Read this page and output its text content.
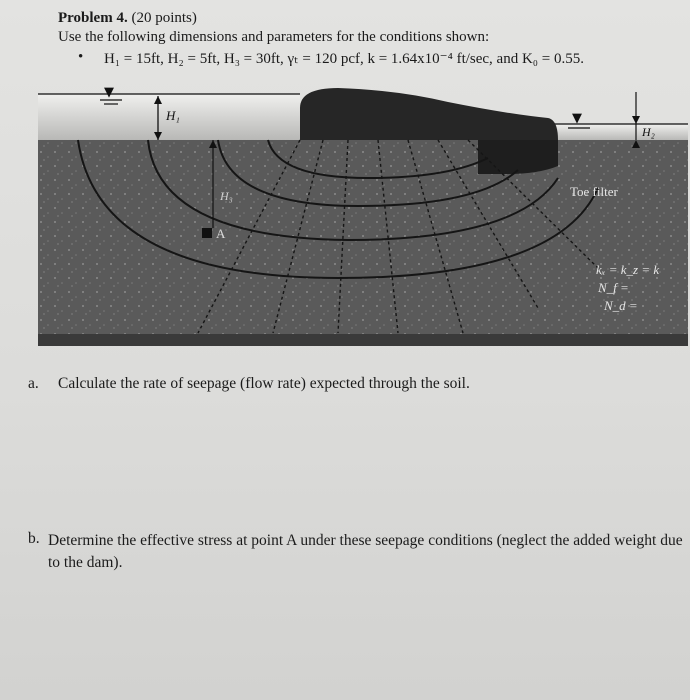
Problem 4. (20 points)
Use the following dimensions and parameters for the conditions shown:
• H₁ = 15ft, H₂ = 5ft, H₃ = 30ft, γₜ = 120 pcf, k = 1.64x10⁻⁴ ft/sec, and K₀ = 0.55.
H₁
H₃
A
▼
▼
H₂
Toe filter
kₓ = k_z = k
N_f =
N_d =
a. Calculate the rate of seepage (flow rate) expected through the soil.
b. Determine the effective stress at point A under these seepage conditions (neglect the added weight due to the dam).
